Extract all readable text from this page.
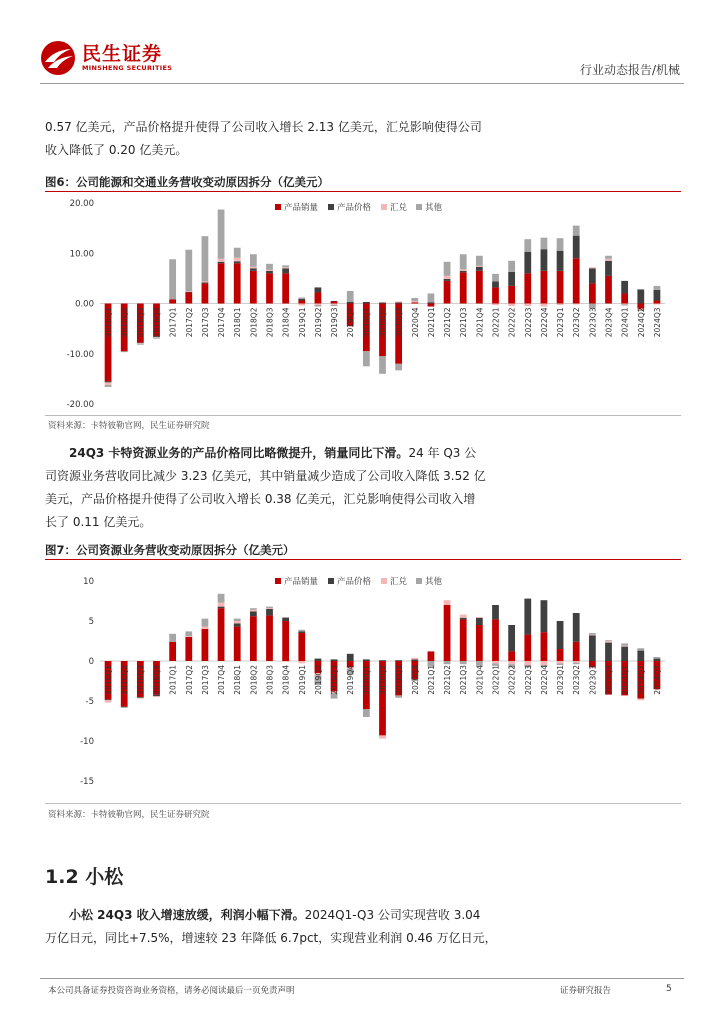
民生证券
MINSHENG SECURITIES	行业动态报告/机械
0.57 亿美元，产品价格提升使得了公司收入增长 2.13 亿美元，汇兑影响使得公司
收入降低了 0.20 亿美元。
图6：公司能源和交通业务营收变动原因拆分（亿美元）
20.00
10.00
0.00
-10.00
-20.00
产品销量 产品价格 汇兑 其他
2016Q1 2016Q2 2016Q3 2016Q4 2017Q1 2017Q2 2017Q3 2017Q4 2018Q1 2018Q2 2018Q3 2018Q4 2019Q1 2019Q2 2019Q3 2019Q4 2020Q1 2020Q2 2020Q3 2020Q4 2021Q1 2021Q2 2021Q3 2021Q4 2022Q1 2022Q2 2022Q3 2022Q4 2023Q1 2023Q2 2023Q3 2023Q4 2024Q1 2024Q2 2024Q3
资料来源：卡特彼勒官网，民生证券研究院
24Q3 卡特资源业务的产品价格同比略微提升，销量同比下滑。24 年 Q3 公
司资源业务营收同比减少 3.23 亿美元，其中销量减少造成了公司收入降低 3.52 亿
美元，产品价格提升使得了公司收入增长 0.38 亿美元，汇兑影响使得公司收入增
长了 0.11 亿美元。
图7：公司资源业务营收变动原因拆分（亿美元）
10
5
0
-5
-10
-15
产品销量 产品价格 汇兑 其他
2016Q1 2016Q2 2016Q3 2016Q4 2017Q1 2017Q2 2017Q3 2017Q4 2018Q1 2018Q2 2018Q3 2018Q4 2019Q1 2019Q2 2019Q3 2019Q4 2020Q1 2020Q2 2020Q3 2020Q4 2021Q1 2021Q2 2021Q3 2021Q4 2022Q1 2022Q2 2022Q3 2022Q4 2023Q1 2023Q2 2023Q3 2023Q4 2024Q1 2024Q2 2024Q3
资料来源：卡特彼勒官网，民生证券研究院
1.2 小松
小松 24Q3 收入增速放缓，利润小幅下滑。2024Q1-Q3 公司实现营收 3.04
万亿日元，同比+7.5%，增速较 23 年降低 6.7pct，实现营业利润 0.46 万亿日元，
本公司具备证券投资咨询业务资格，请务必阅读最后一页免责声明	证券研究报告	5
